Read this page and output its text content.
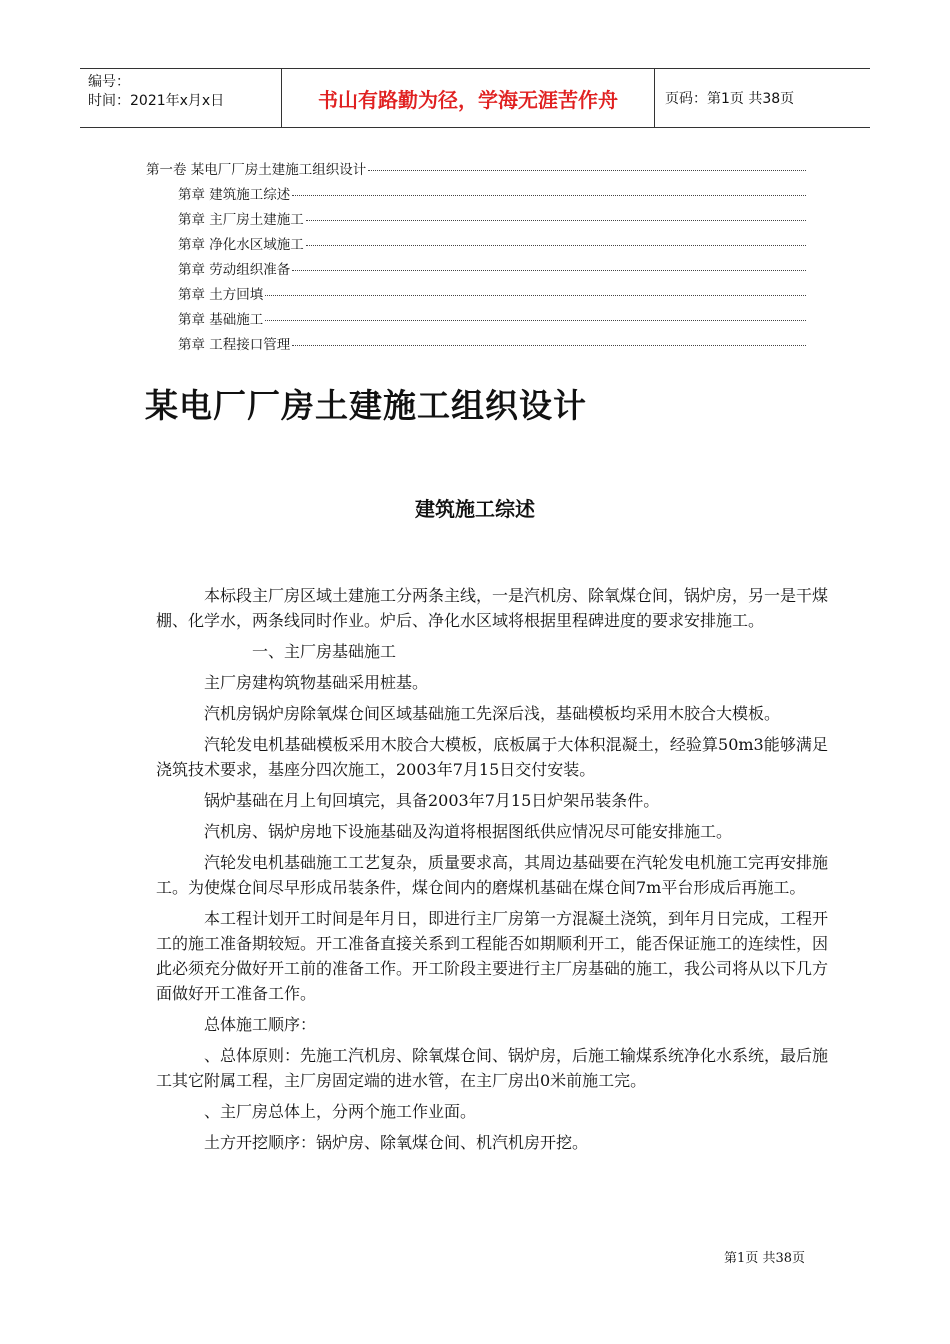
编号：
时间：2021年x月x日	书山有路勤为径，学海无涯苦作舟	页码：第1页 共38页
第一卷 某电厂厂房土建施工组织设计
第章 建筑施工综述
第章 主厂房土建施工
第章 净化水区域施工
第章 劳动组织准备
第章 土方回填
第章 基础施工
第章 工程接口管理
某电厂厂房土建施工组织设计
建筑施工综述

本标段主厂房区域土建施工分两条主线，一是汽机房、除氧煤仓间，锅炉房，另一是干煤棚、化学水，两条线同时作业。炉后、净化水区域将根据里程碑进度的要求安排施工。

一、主厂房基础施工

主厂房建构筑物基础采用桩基。

汽机房锅炉房除氧煤仓间区域基础施工先深后浅，基础模板均采用木胶合大模板。

汽轮发电机基础模板采用木胶合大模板，底板属于大体积混凝土，经验算50m3能够满足浇筑技术要求，基座分四次施工，2003年7月15日交付安装。

锅炉基础在月上旬回填完，具备2003年7月15日炉架吊装条件。

汽机房、锅炉房地下设施基础及沟道将根据图纸供应情况尽可能安排施工。

汽轮发电机基础施工工艺复杂，质量要求高，其周边基础要在汽轮发电机施工完再安排施工。为使煤仓间尽早形成吊装条件，煤仓间内的磨煤机基础在煤仓间7m平台形成后再施工。

本工程计划开工时间是年月日，即进行主厂房第一方混凝土浇筑，到年月日完成，工程开工的施工准备期较短。开工准备直接关系到工程能否如期顺利开工，能否保证施工的连续性，因此必须充分做好开工前的准备工作。开工阶段主要进行主厂房基础的施工，我公司将从以下几方面做好开工准备工作。

总体施工顺序：

、总体原则：先施工汽机房、除氧煤仓间、锅炉房，后施工输煤系统净化水系统，最后施工其它附属工程，主厂房固定端的进水管，在主厂房出0米前施工完。

、主厂房总体上，分两个施工作业面。

土方开挖顺序：锅炉房、除氧煤仓间、机汽机房开挖。

第1页 共38页
